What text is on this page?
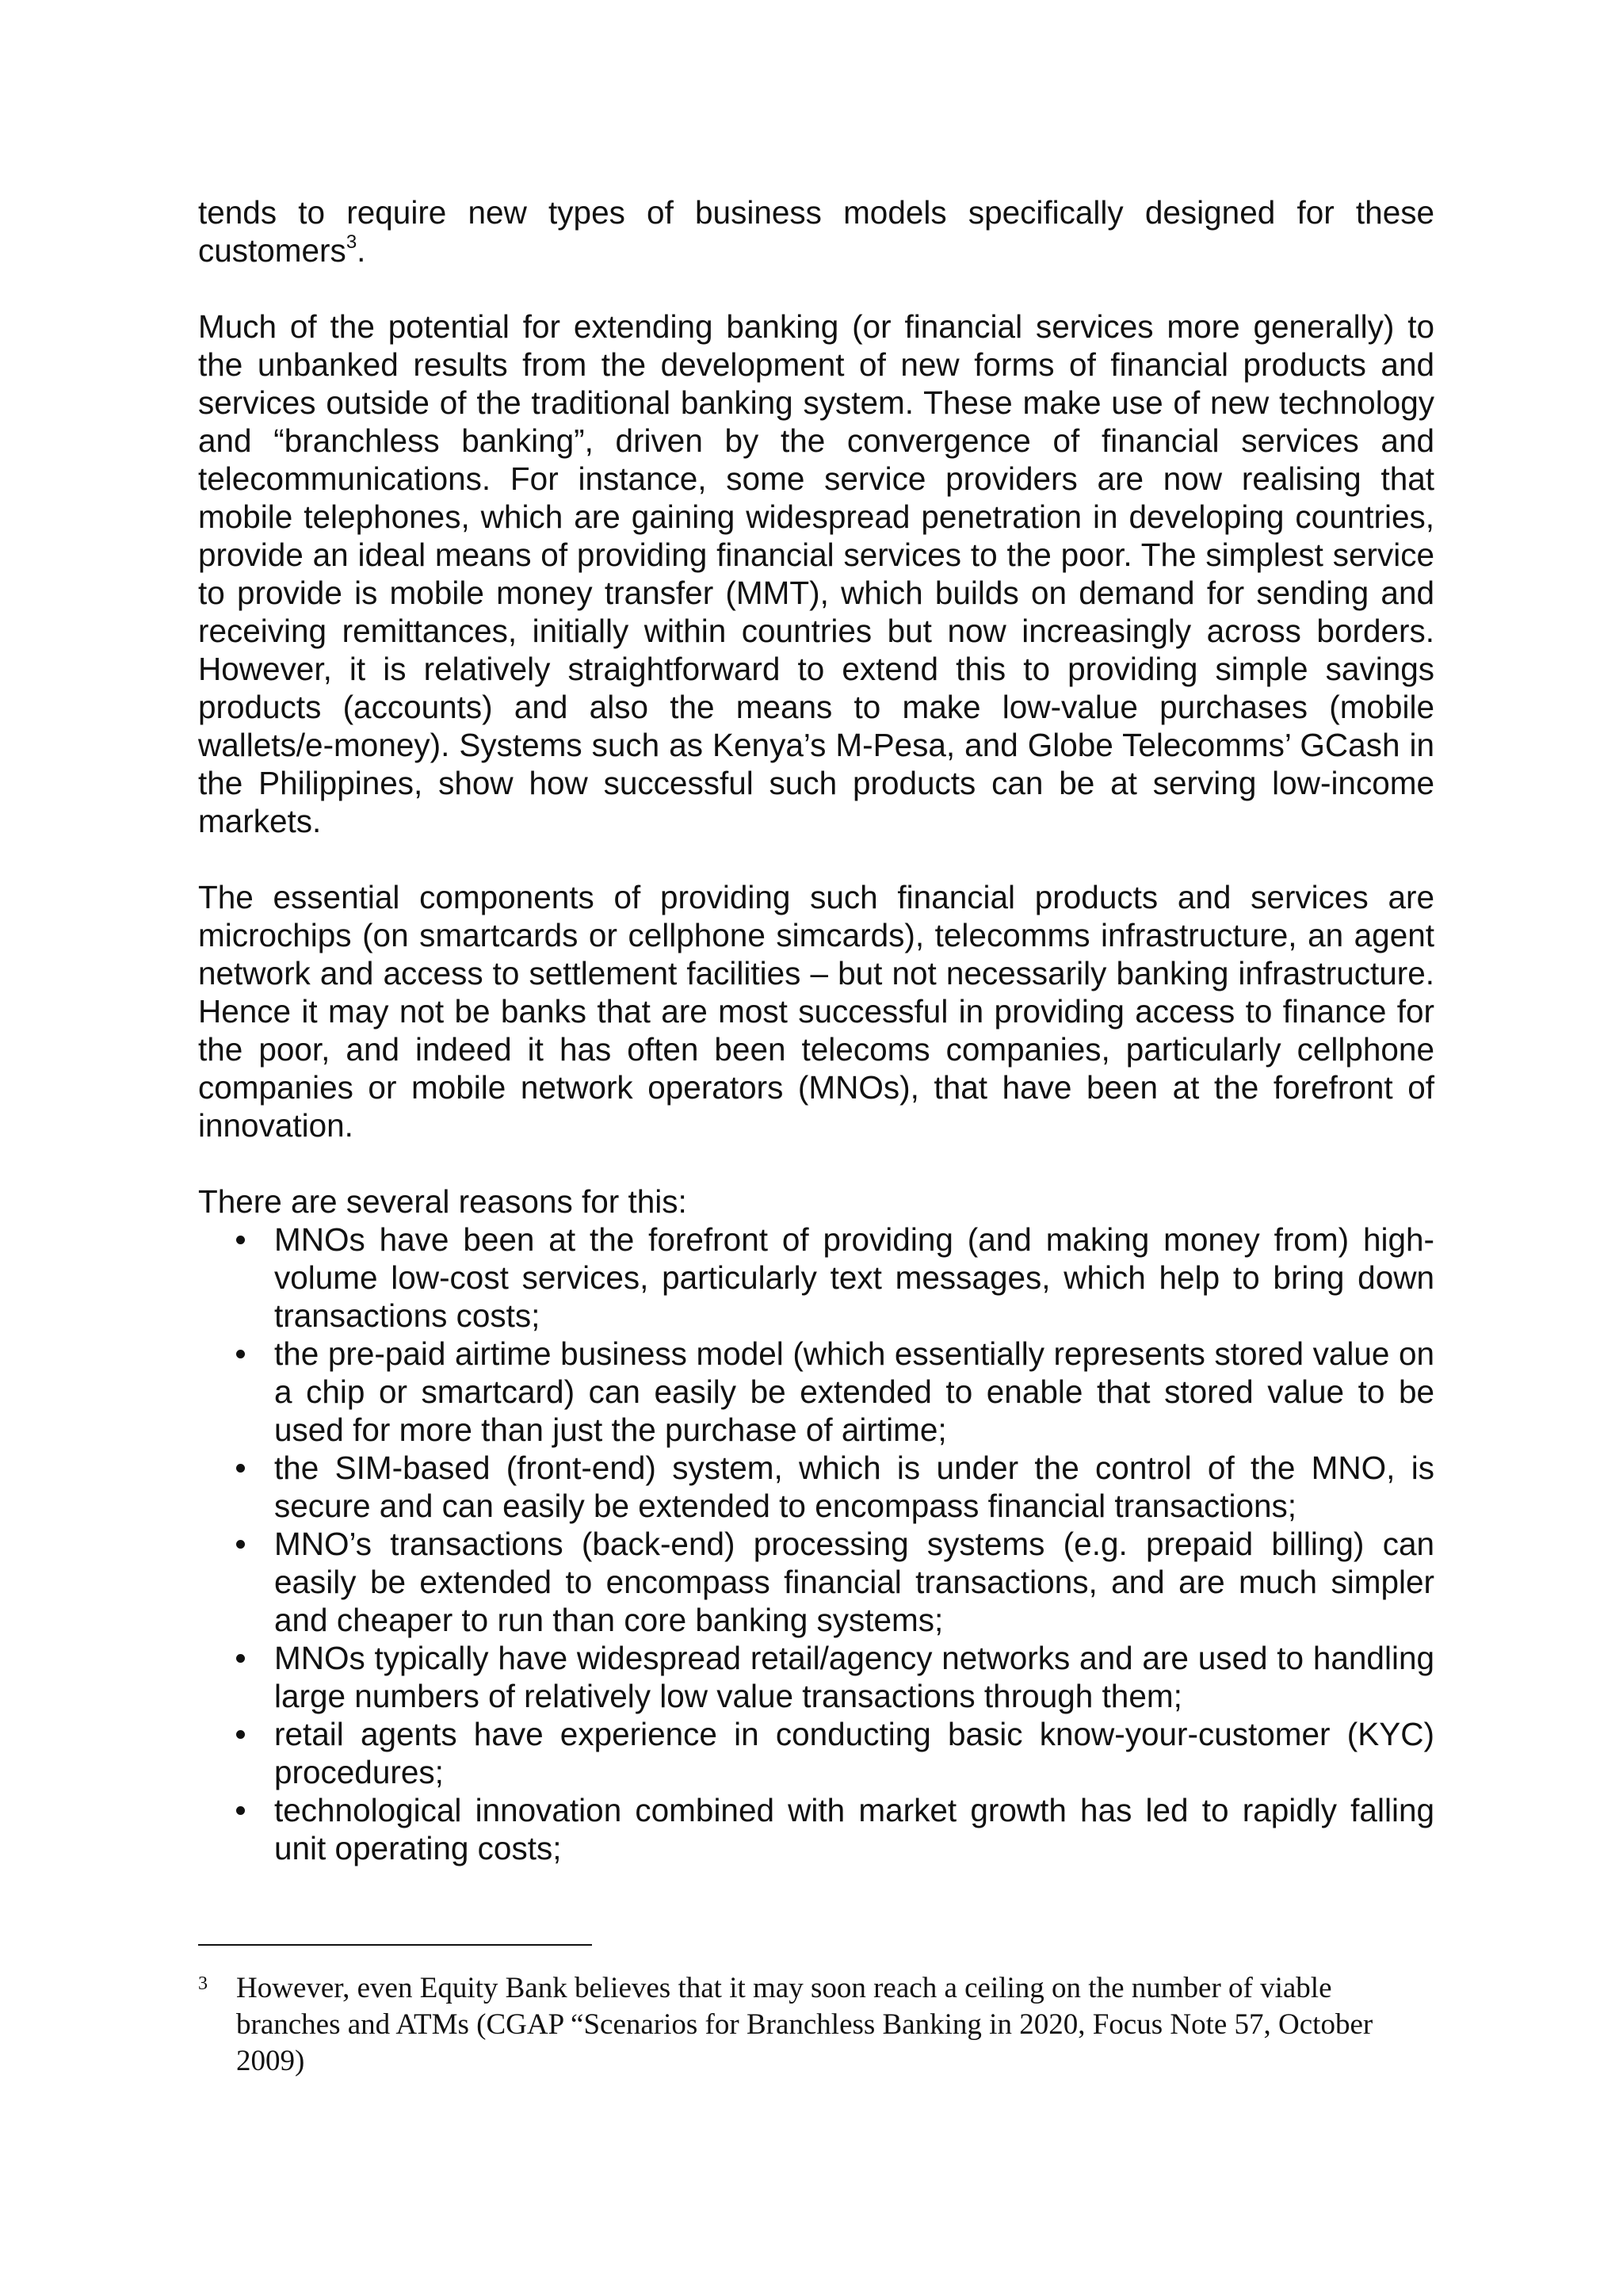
tends to require new types of business models specifically designed for these customers$^3$.

Much of the potential for extending banking (or financial services more generally) to the unbanked results from the development of new forms of financial products and services outside of the traditional banking system. These make use of new technology and “branchless banking”, driven by the convergence of financial services and telecommunications. For instance, some service providers are now realising that mobile telephones, which are gaining widespread penetration in developing countries, provide an ideal means of providing financial services to the poor. The simplest service to provide is mobile money transfer (MMT), which builds on demand for sending and receiving remittances, initially within countries but now increasingly across borders. However, it is relatively straightforward to extend this to providing simple savings products (accounts) and also the means to make low-value purchases (mobile wallets/e-money). Systems such as Kenya’s M-Pesa, and Globe Telecomms’ GCash in the Philippines, show how successful such products can be at serving low-income markets.

The essential components of providing such financial products and services are microchips (on smartcards or cellphone simcards), telecomms infrastructure, an agent network and access to settlement facilities – but not necessarily banking infrastructure. Hence it may not be banks that are most successful in providing access to finance for the poor, and indeed it has often been telecoms companies, particularly cellphone companies or mobile network operators (MNOs), that have been at the forefront of innovation.

There are several reasons for this:

MNOs have been at the forefront of providing (and making money from) high-volume low-cost services, particularly text messages, which help to bring down transactions costs;
the pre-paid airtime business model (which essentially represents stored value on a chip or smartcard) can easily be extended to enable that stored value to be used for more than just the purchase of airtime;
the SIM-based (front-end) system, which is under the control of the MNO, is secure and can easily be extended to encompass financial transactions;
MNO’s transactions (back-end) processing systems (e.g. prepaid billing) can easily be extended to encompass financial transactions, and are much simpler and cheaper to run than core banking systems;
MNOs typically have widespread retail/agency networks and are used to handling large numbers of relatively low value transactions through them;
retail agents have experience in conducting basic know-your-customer (KYC) procedures;
technological innovation combined with market growth has led to rapidly falling unit operating costs;
3 However, even Equity Bank believes that it may soon reach a ceiling on the number of viable branches and ATMs (CGAP “Scenarios for Branchless Banking in 2020, Focus Note 57, October 2009)
